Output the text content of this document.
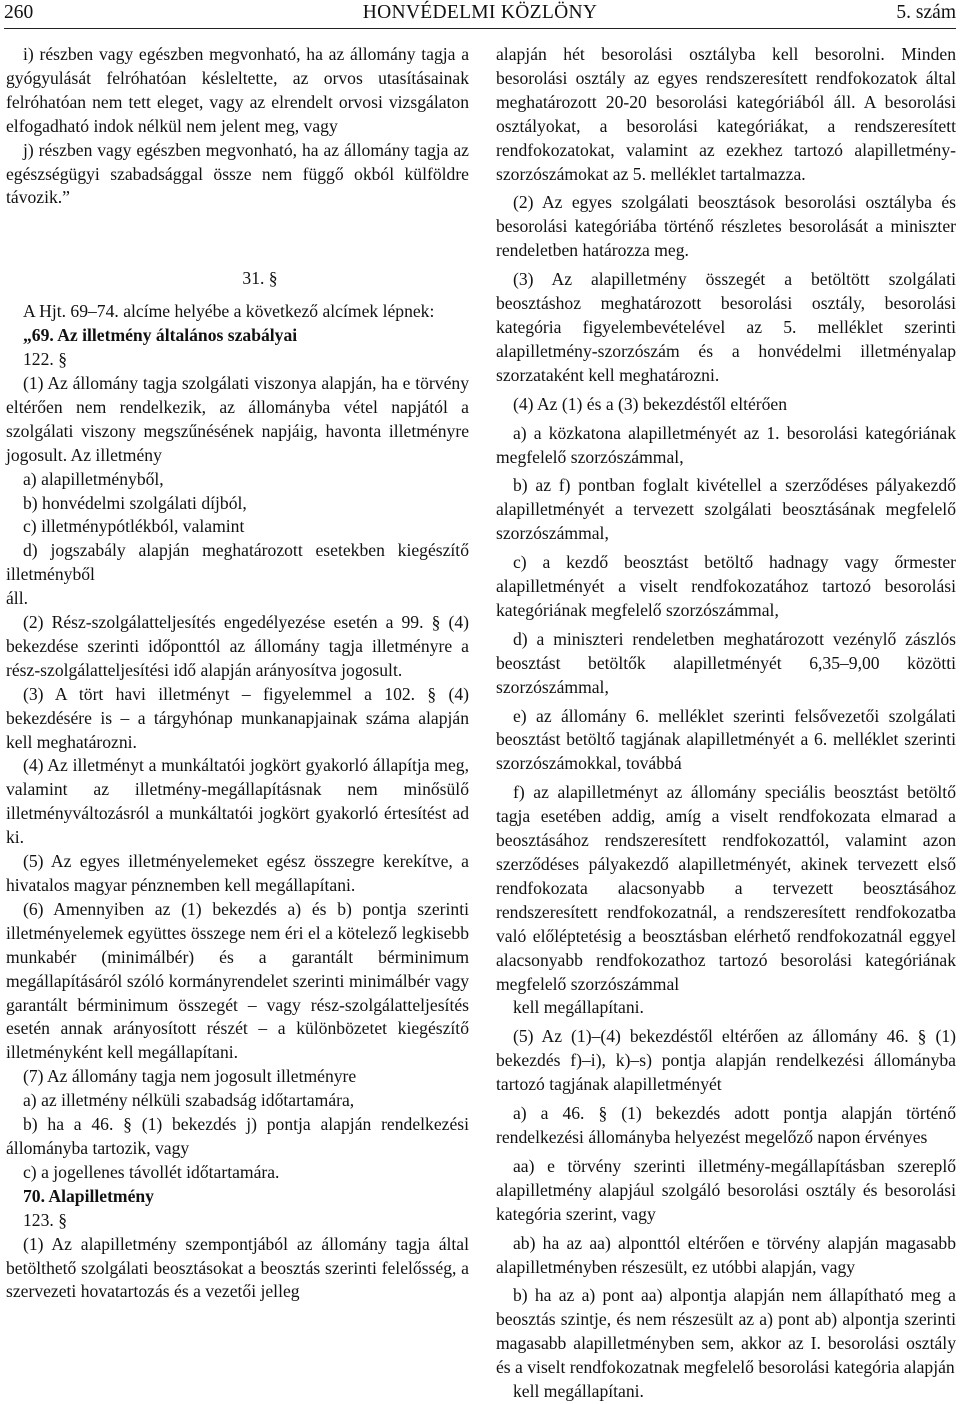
260	HONVÉDELMI KÖZLÖNY	5. szám

i) részben vagy egészben megvonható, ha az állomány tagja a gyógyulását felróhatóan késleltette, az orvos utasításainak felróhatóan nem tett eleget, vagy az elrendelt orvosi vizsgálaton elfogadható indok nélkül nem jelent meg, vagy

j) részben vagy egészben megvonható, ha az állomány tagja az egészségügyi szabadsággal össze nem függő okból külföldre távozik.”

31. §

A Hjt. 69–74. alcíme helyébe a következő alcímek lépnek:

„69. Az illetmény általános szabályai

122. §

(1) Az állomány tagja szolgálati viszonya alapján, ha e törvény eltérően nem rendelkezik, az állományba vétel napjától a szolgálati viszony megszűnésének napjáig, havonta illetményre jogosult. Az illetmény

a) alapilletményből,

b) honvédelmi szolgálati díjból,

c) illetménypótlékból, valamint

d) jogszabály alapján meghatározott esetekben kiegészítő illetményből

áll.

(2) Rész-szolgálatteljesítés engedélyezése esetén a 99. § (4) bekezdése szerinti időponttól az állomány tagja illetményre a rész-szolgálatteljesítési idő alapján arányosítva jogosult.

(3) A tört havi illetményt – figyelemmel a 102. § (4) bekezdésére is – a tárgyhónap munkanapjainak száma alapján kell meghatározni.

(4) Az illetményt a munkáltatói jogkört gyakorló állapítja meg, valamint az illetmény-megállapításnak nem minősülő illetményváltozásról a munkáltatói jogkört gyakorló értesítést ad ki.

(5) Az egyes illetményelemeket egész összegre kerekítve, a hivatalos magyar pénznemben kell megállapítani.

(6) Amennyiben az (1) bekezdés a) és b) pontja szerinti illetményelemek együttes összege nem éri el a kötelező legkisebb munkabér (minimálbér) és a garantált bérminimum megállapításáról szóló kormányrendelet szerinti minimálbér vagy garantált bérminimum összegét – vagy rész-szolgálatteljesítés esetén annak arányosított részét – a különbözetet kiegészítő illetményként kell megállapítani.

(7) Az állomány tagja nem jogosult illetményre

a) az illetmény nélküli szabadság időtartamára,

b) ha a 46. § (1) bekezdés j) pontja alapján rendelkezési állományba tartozik, vagy

c) a jogellenes távollét időtartamára.

70. Alapilletmény

123. §

(1) Az alapilletmény szempontjából az állomány tagja által betölthető szolgálati beosztásokat a beosztás szerinti felelősség, a szervezeti hovatartozás és a vezetői jelleg

alapján hét besorolási osztályba kell besorolni. Minden besorolási osztály az egyes rendszeresített rendfokozatok által meghatározott 20-20 besorolási kategóriából áll. A besorolási osztályokat, a besorolási kategóriákat, a rendszeresített rendfokozatokat, valamint az ezekhez tartozó alapilletmény-szorzószámokat az 5. melléklet tartalmazza.

(2) Az egyes szolgálati beosztások besorolási osztályba és besorolási kategóriába történő részletes besorolását a miniszter rendeletben határozza meg.

(3) Az alapilletmény összegét a betöltött szolgálati beosztáshoz meghatározott besorolási osztály, besorolási kategória figyelembevételével az 5. melléklet szerinti alapilletmény-szorzószám és a honvédelmi illetményalap szorzataként kell meghatározni.

(4) Az (1) és a (3) bekezdéstől eltérően

a) a közkatona alapilletményét az 1. besorolási kategóriának megfelelő szorzószámmal,

b) az f) pontban foglalt kivétellel a szerződéses pályakezdő alapilletményét a tervezett szolgálati beosztásának megfelelő szorzószámmal,

c) a kezdő beosztást betöltő hadnagy vagy őrmester alapilletményét a viselt rendfokozatához tartozó besorolási kategóriának megfelelő szorzószámmal,

d) a miniszteri rendeletben meghatározott vezénylő zászlós beosztást betöltők alapilletményét 6,35–9,00 közötti szorzószámmal,

e) az állomány 6. melléklet szerinti felsővezetői szolgálati beosztást betöltő tagjának alapilletményét a 6. melléklet szerinti szorzószámokkal, továbbá

f) az alapilletményt az állomány speciális beosztást betöltő tagja esetében addig, amíg a viselt rendfokozata elmarad a beosztásához rendszeresített rendfokozattól, valamint azon szerződéses pályakezdő alapilletményét, akinek tervezett első rendfokozata alacsonyabb a tervezett beosztásához rendszeresített rendfokozatnál, a rendszeresített rendfokozatba való előléptetésig a beosztásban elérhető rendfokozatnál eggyel alacsonyabb rendfokozathoz tartozó besorolási kategóriának megfelelő szorzószámmal

kell megállapítani.

(5) Az (1)–(4) bekezdéstől eltérően az állomány 46. § (1) bekezdés f)–i), k)–s) pontja alapján rendelkezési állományba tartozó tagjának alapilletményét

a) a 46. § (1) bekezdés adott pontja alapján történő rendelkezési állományba helyezést megelőző napon érvényes

aa) e törvény szerinti illetmény-megállapításban szereplő alapilletmény alapjául szolgáló besorolási osztály és besorolási kategória szerint, vagy

ab) ha az aa) alponttól eltérően e törvény alapján magasabb alapilletményben részesült, ez utóbbi alapján, vagy

b) ha az a) pont aa) alpontja alapján nem állapítható meg a beosztás szintje, és nem részesült az a) pont ab) alpontja szerinti magasabb alapilletményben sem, akkor az I. besorolási osztály és a viselt rendfokozatnak megfelelő besorolási kategória alapján

kell megállapítani.
